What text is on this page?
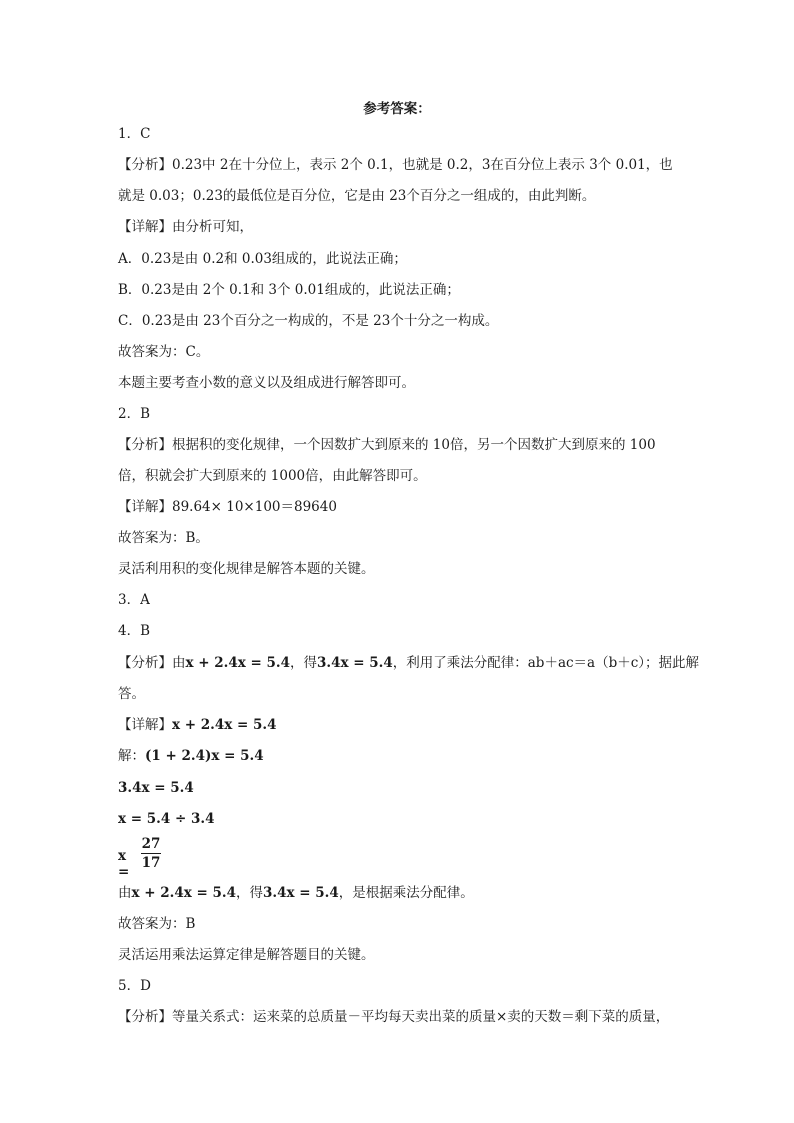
参考答案：
1．C
【分析】0.23中 2在十分位上，表示 2个 0.1，也就是 0.2，3在百分位上表示 3个 0.01，也
就是 0.03；0.23的最低位是百分位，它是由 23个百分之一组成的，由此判断。
【详解】由分析可知，
A．0.23是由 0.2和 0.03组成的，此说法正确；
B．0.23是由 2个 0.1和 3个 0.01组成的，此说法正确；
C．0.23是由 23个百分之一构成的，不是 23个十分之一构成。
故答案为：C。
本题主要考查小数的意义以及组成进行解答即可。
2．B
【分析】根据积的变化规律，一个因数扩大到原来的 10倍，另一个因数扩大到原来的 100
倍，积就会扩大到原来的 1000倍，由此解答即可。
【详解】89.64× 10×100＝89640
故答案为：B。
灵活利用积的变化规律是解答本题的关键。
3．A
4．B
【分析】由x + 2.4x = 5.4，得3.4x = 5.4，利用了乘法分配律：ab＋ac＝a（b＋c）；据此解
答。
【详解】x + 2.4x = 5.4
解：(1 + 2.4)x = 5.4
3.4x = 5.4
x = 5.4 ÷ 3.4
x =
27
17
由x + 2.4x = 5.4，得3.4x = 5.4，是根据乘法分配律。
故答案为：B
灵活运用乘法运算定律是解答题目的关键。
5．D
【分析】等量关系式：运来菜的总质量－平均每天卖出菜的质量×卖的天数＝剩下菜的质量，
